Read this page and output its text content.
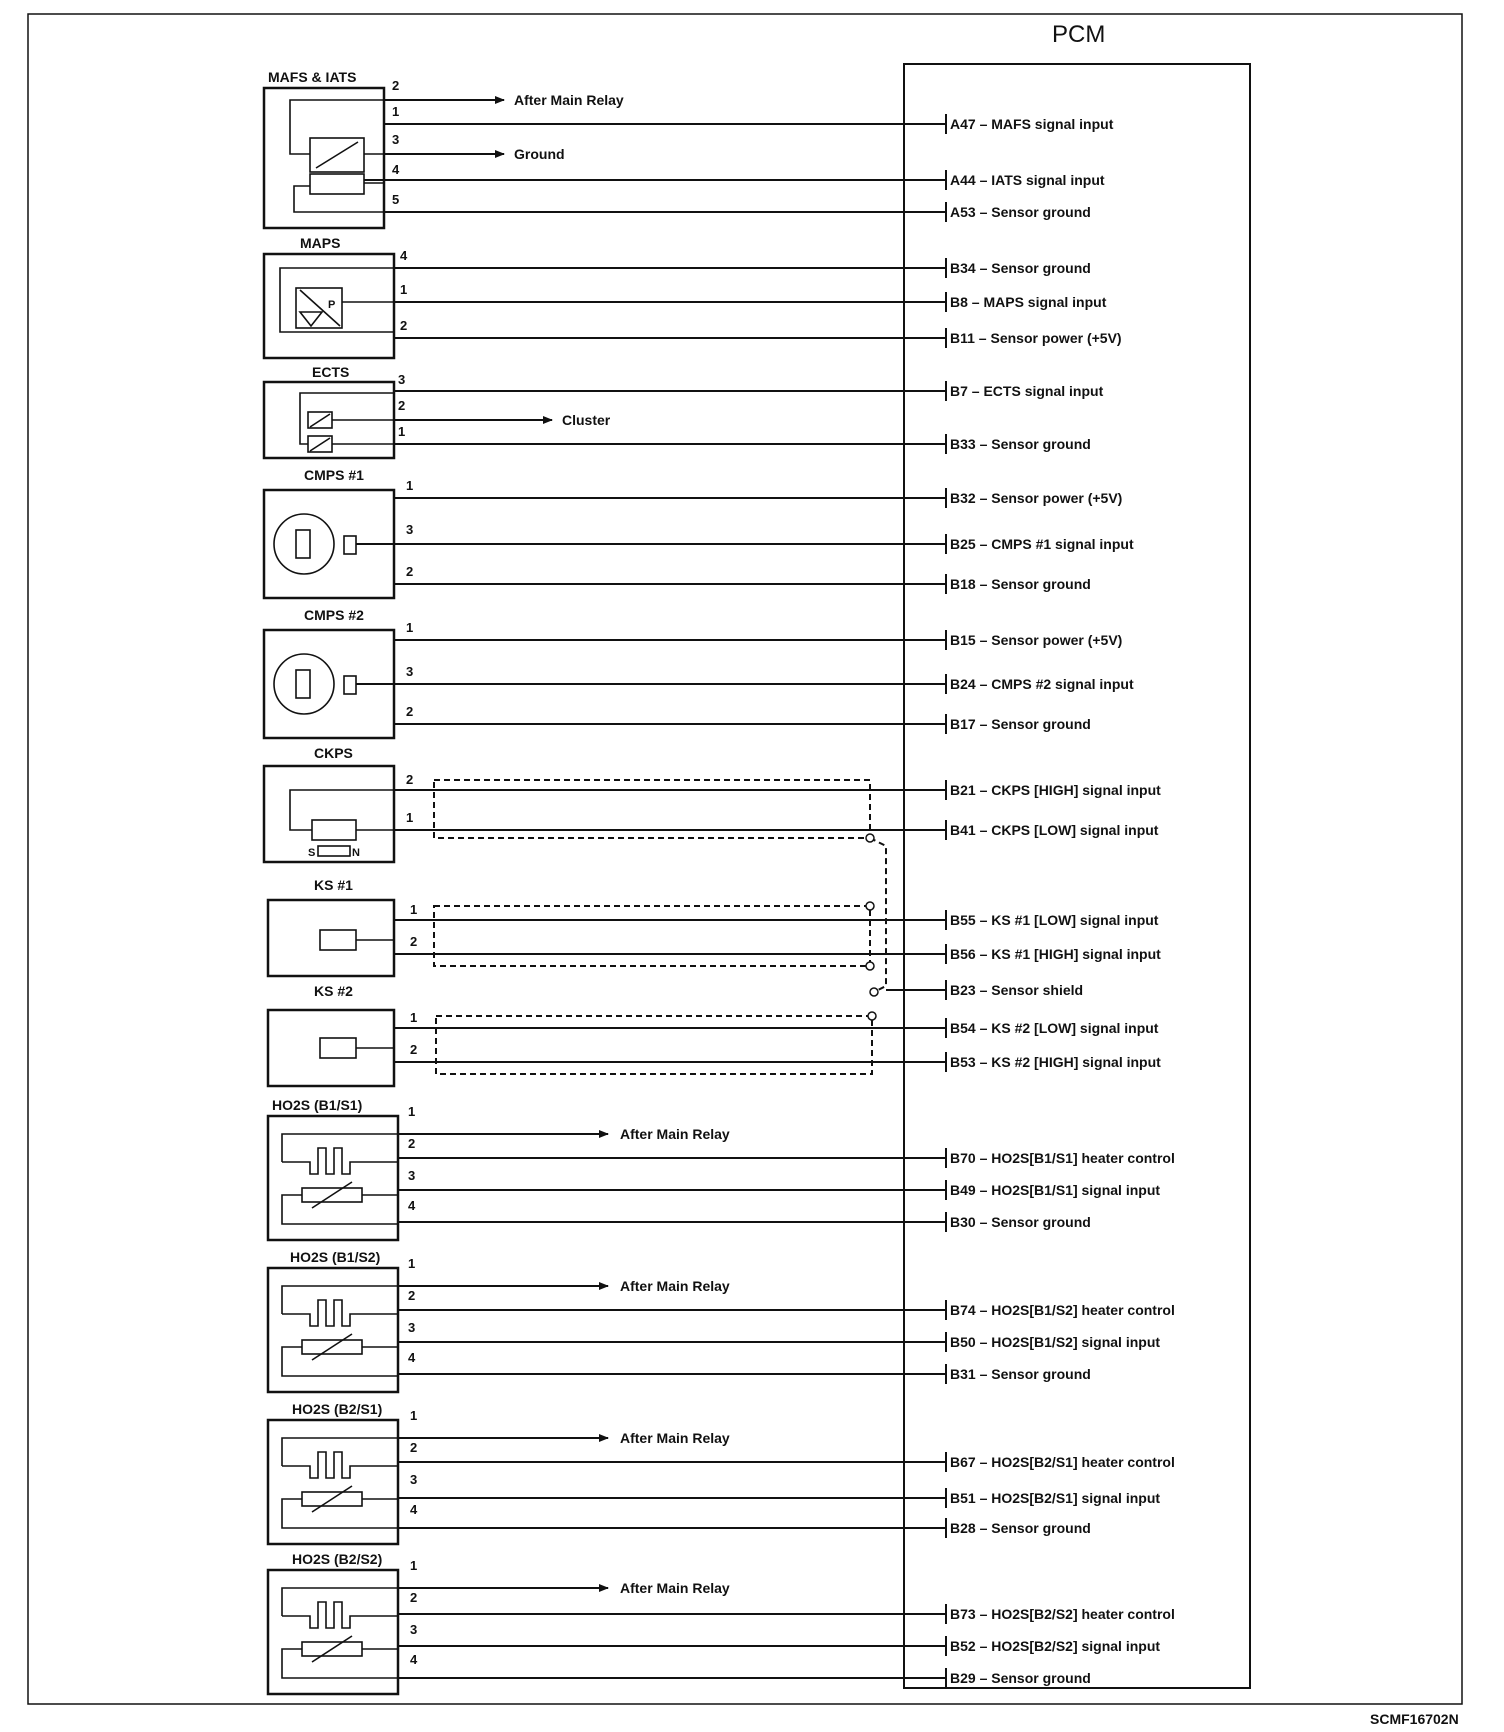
PCM
SCMF16702N
MAFS & IATS
MAPS
ECTS
CMPS #1
CMPS #2
CKPS
KS #1
KS #2
HO2S (B1/S1)
HO2S (B1/S2)
HO2S (B2/S1)
HO2S (B2/S2)
P
S	N
2
1
3
4
5
4
1
2
3
2
1
1
3
2
1
3
2
2
1
1
2
1
2
1
2
3
4
1
2
3
4
1
2
3
4
1
2
3
4
A47 – MAFS signal input
A44 – IATS signal input
A53 – Sensor ground
B34 – Sensor ground
B8 – MAPS signal input
B11 – Sensor power (+5V)
B7 – ECTS signal input
B33 – Sensor ground
B32 – Sensor power (+5V)
B25 – CMPS #1 signal input
B18 – Sensor ground
B15 – Sensor power (+5V)
B24 – CMPS #2 signal input
B17 – Sensor ground
B21 – CKPS [HIGH] signal input
B41 – CKPS [LOW] signal input
B55 – KS #1 [LOW] signal input
B56 – KS #1 [HIGH] signal input
B23 – Sensor shield
B54 – KS #2 [LOW] signal input
B53 – KS #2 [HIGH] signal input
B70 – HO2S[B1/S1] heater control
B49 – HO2S[B1/S1] signal input
B30 – Sensor ground
B74 – HO2S[B1/S2] heater control
B50 – HO2S[B1/S2] signal input
B31 – Sensor ground
B67 – HO2S[B2/S1] heater control
B51 – HO2S[B2/S1] signal input
B28 – Sensor ground
B73 – HO2S[B2/S2] heater control
B52 – HO2S[B2/S2] signal input
B29 – Sensor ground
After Main Relay
Ground
Cluster
After Main Relay
After Main Relay
After Main Relay
After Main Relay
